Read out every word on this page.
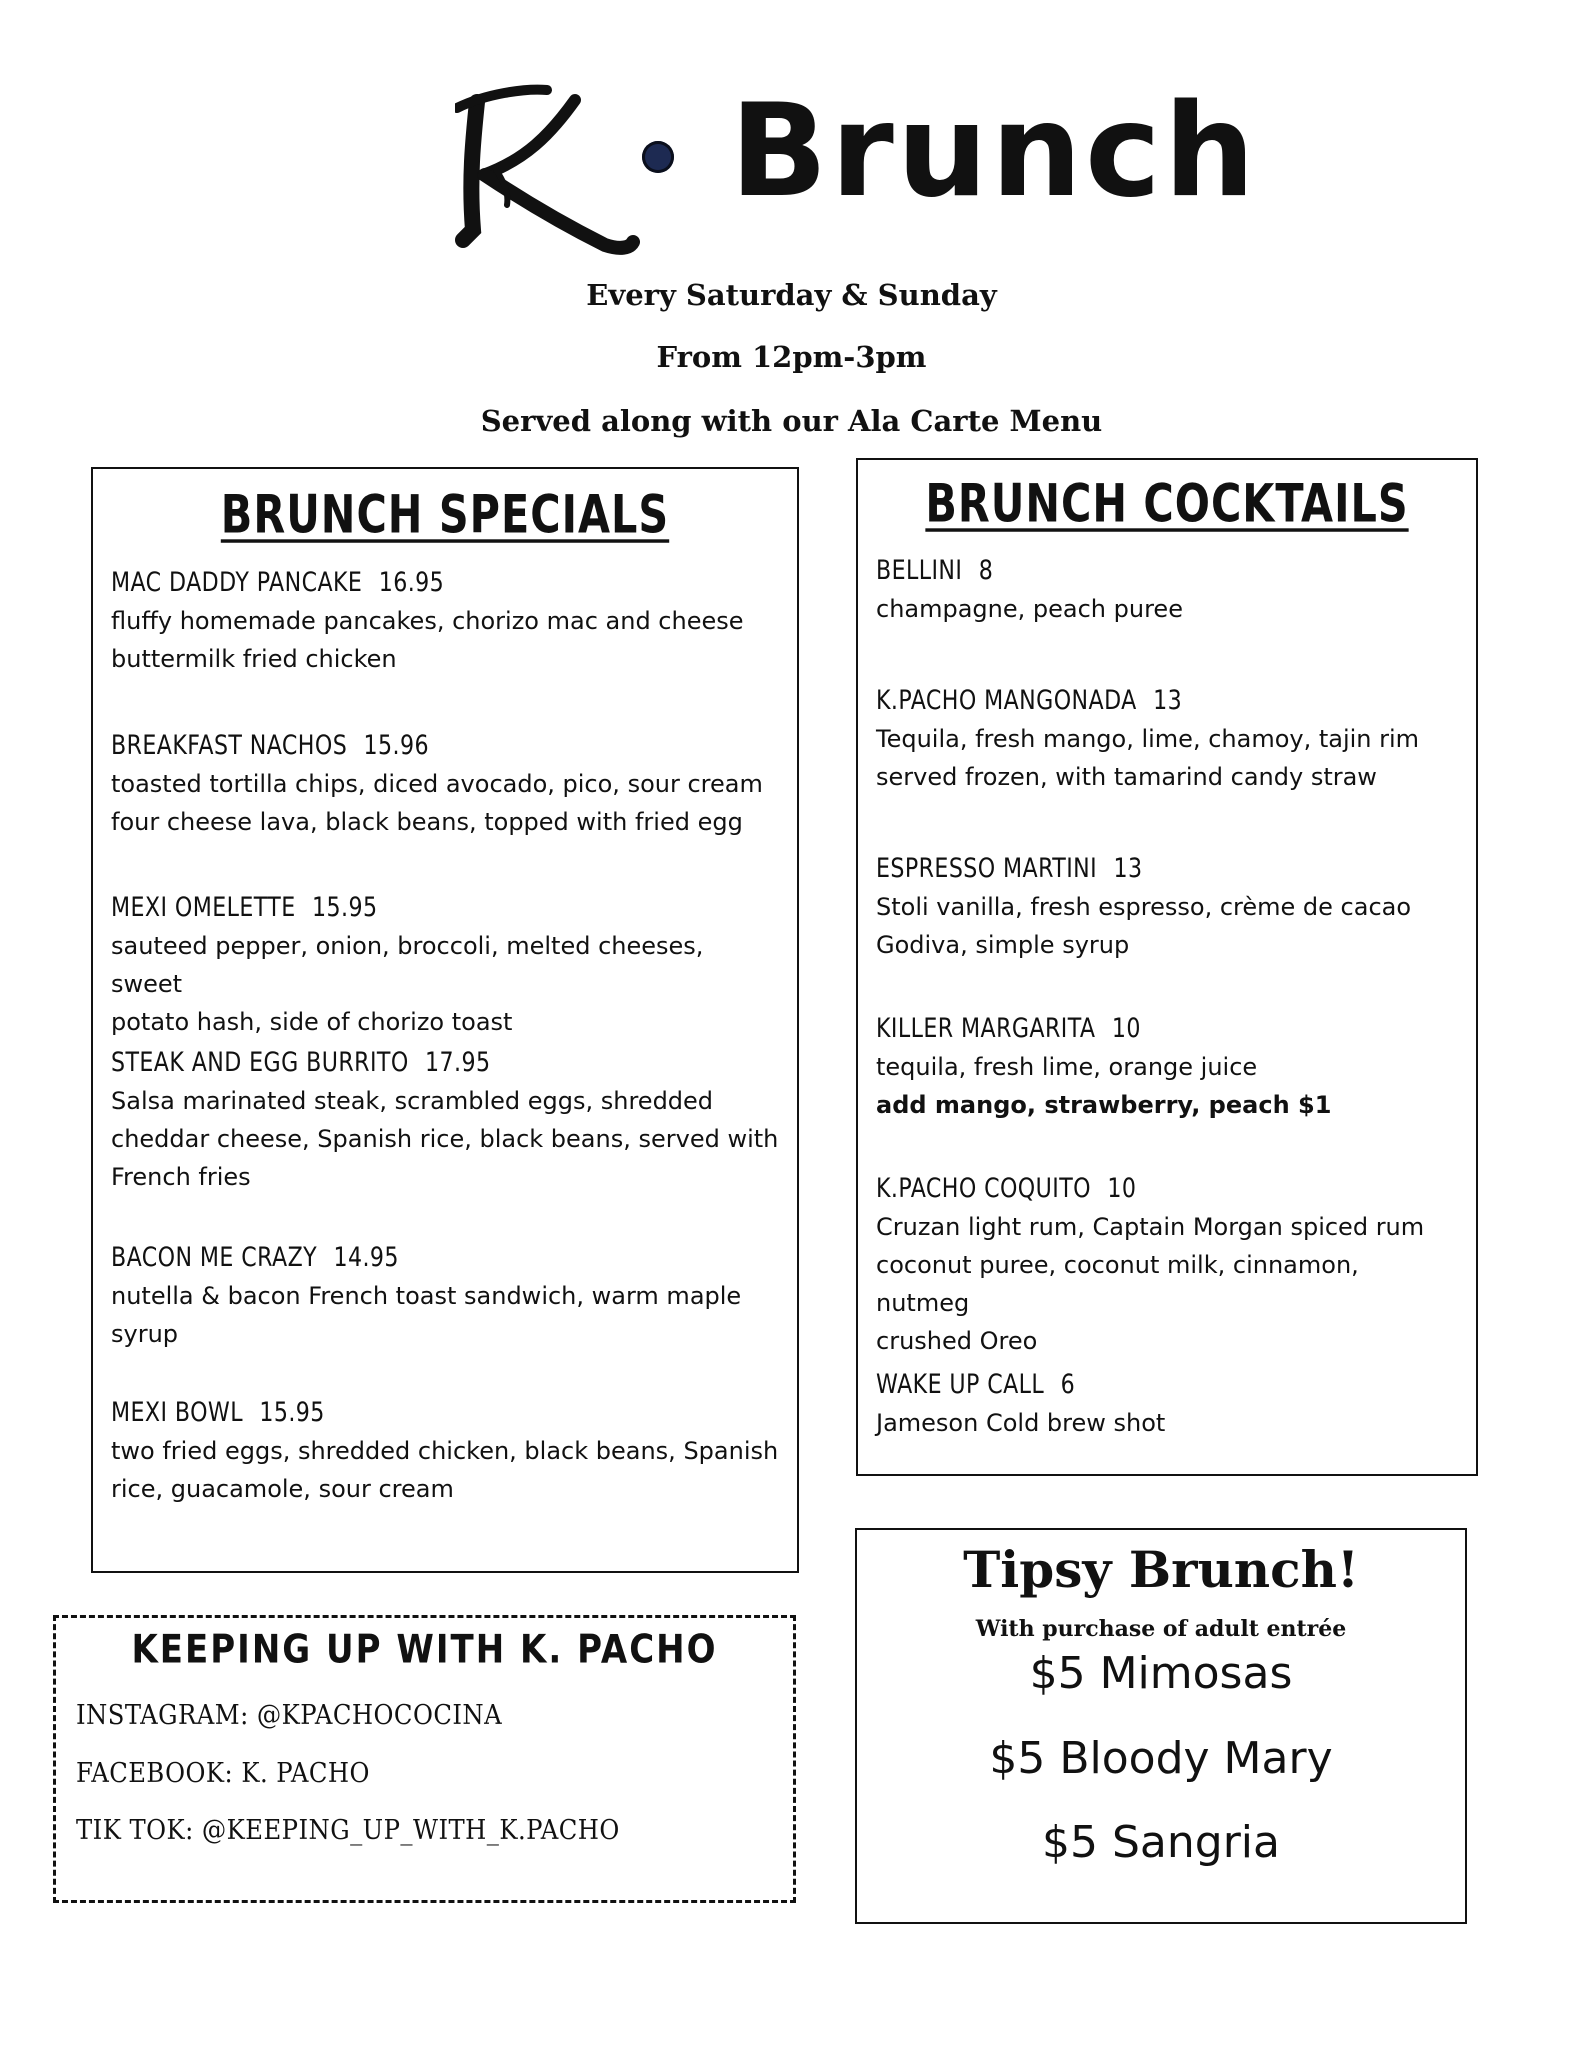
Brunch
Every Saturday & Sunday
From 12pm-3pm
Served along with our Ala Carte Menu
BRUNCH SPECIALS
MAC DADDY PANCAKE 16.95
fluffy homemade pancakes, chorizo mac and cheese
buttermilk fried chicken
BREAKFAST NACHOS 15.96
toasted tortilla chips, diced avocado, pico, sour cream
four cheese lava, black beans, topped with fried egg
MEXI OMELETTE 15.95
sauteed pepper, onion, broccoli, melted cheeses, sweet
potato hash, side of chorizo toast
STEAK AND EGG BURRITO 17.95
Salsa marinated steak, scrambled eggs, shredded
cheddar cheese, Spanish rice, black beans, served with
French fries
BACON ME CRAZY 14.95
nutella & bacon French toast sandwich, warm maple
syrup
MEXI BOWL 15.95
two fried eggs, shredded chicken, black beans, Spanish
rice, guacamole, sour cream
BRUNCH COCKTAILS
BELLINI 8
champagne, peach puree
K.PACHO MANGONADA 13
Tequila, fresh mango, lime, chamoy, tajin rim
served frozen, with tamarind candy straw
ESPRESSO MARTINI 13
Stoli vanilla, fresh espresso, crème de cacao
Godiva, simple syrup
KILLER MARGARITA 10
tequila, fresh lime, orange juice
add mango, strawberry, peach $1
K.PACHO COQUITO 10
Cruzan light rum, Captain Morgan spiced rum
coconut puree, coconut milk, cinnamon, nutmeg
crushed Oreo
WAKE UP CALL 6
Jameson Cold brew shot
KEEPING UP WITH K. PACHO
INSTAGRAM: @KPACHOCOCINA
FACEBOOK: K. PACHO
TIK TOK: @KEEPING_UP_WITH_K.PACHO
Tipsy Brunch!
With purchase of adult entrée
$5 Mimosas
$5 Bloody Mary
$5 Sangria
